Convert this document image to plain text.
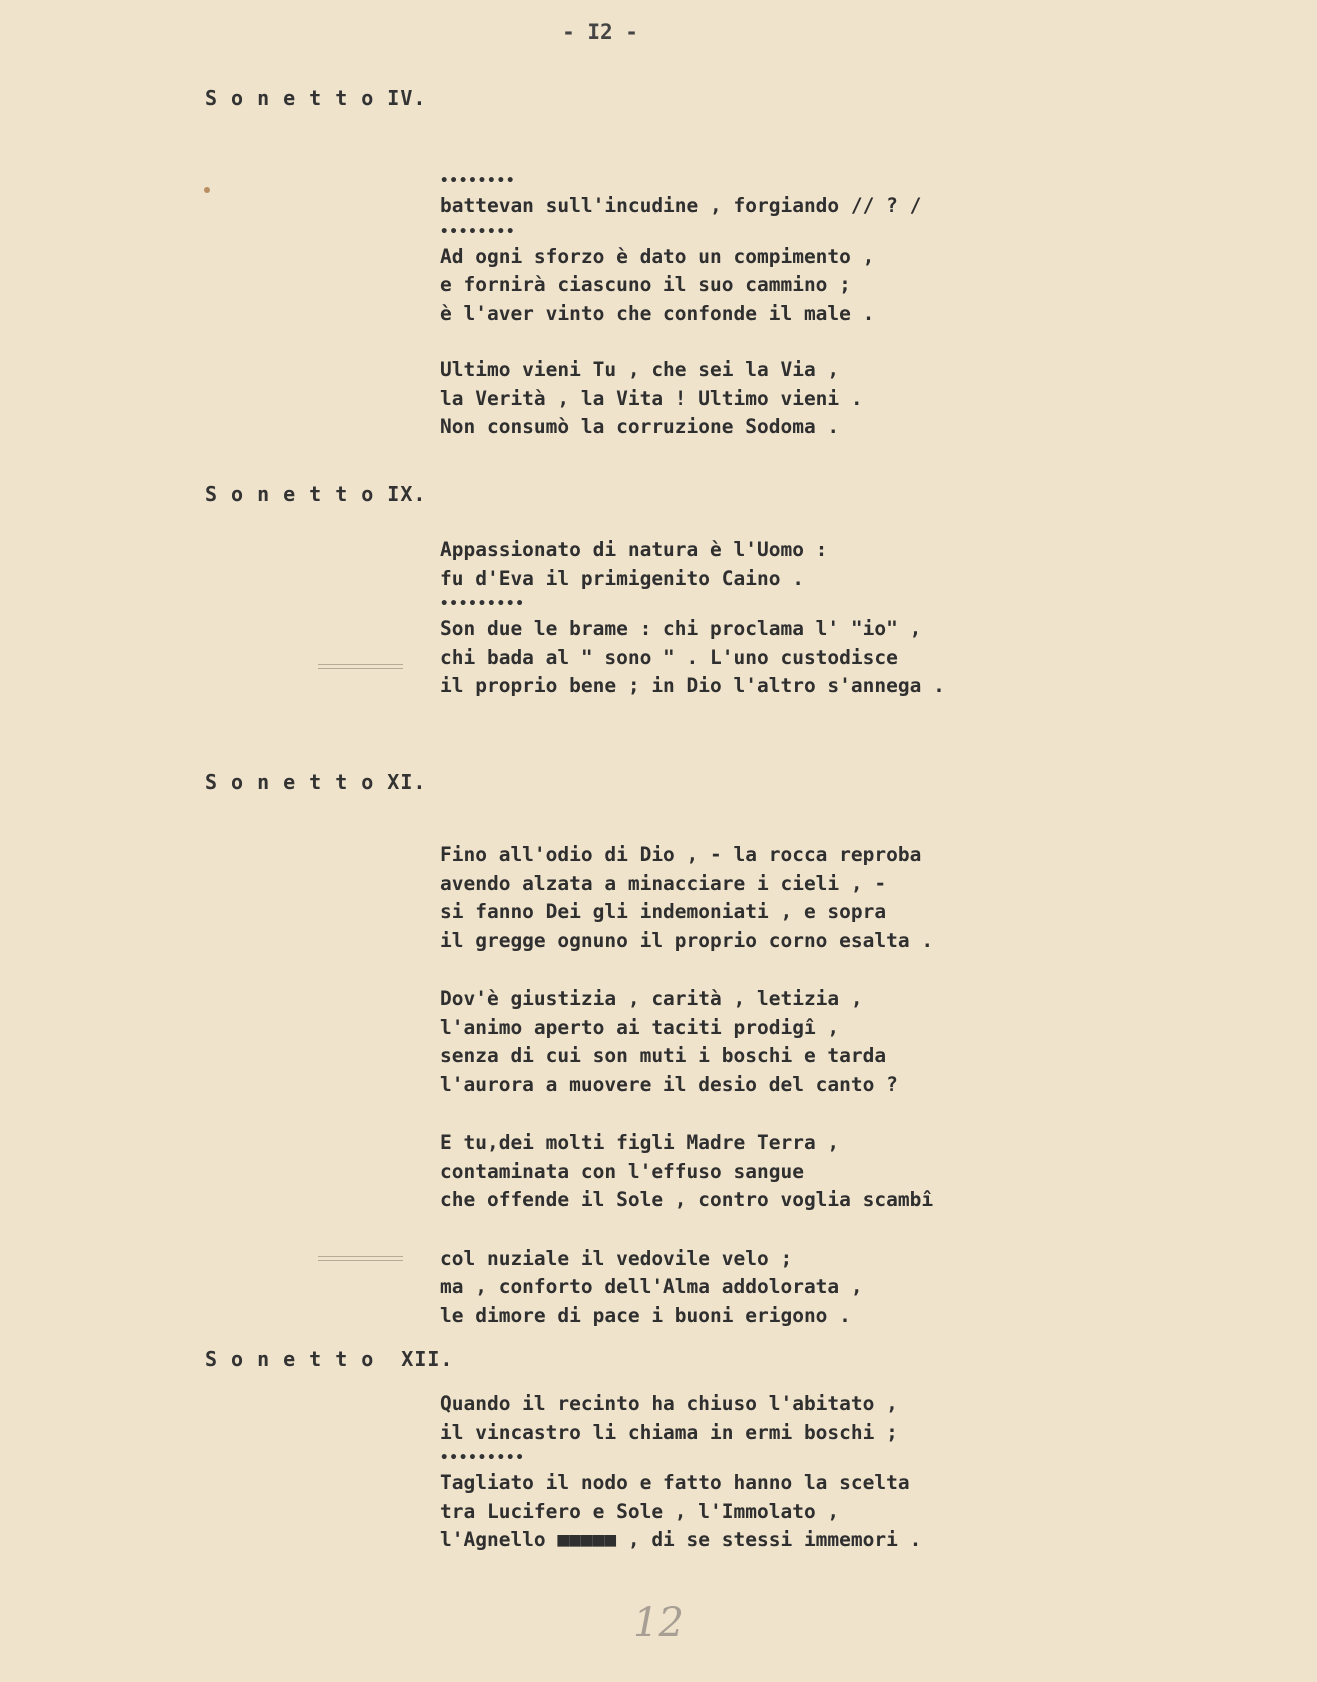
- I2 -
SonettoIV.
••••••••
battevan sull'incudine , forgiando // ? /
••••••••
Ad ogni sforzo è dato un compimento ,
e fornirà ciascuno il suo cammino ;
è l'aver vinto che confonde il male .
Ultimo vieni Tu , che sei la Via ,
la Verità , la Vita ! Ultimo vieni .
Non consumò la corruzione Sodoma .
SonettoIX.
Appassionato di natura è l'Uomo :
fu d'Eva il primigenito Caino .
•••••••••
Son due le brame : chi proclama l' "io" ,
chi bada al " sono " . L'uno custodisce
il proprio bene ; in Dio l'altro s'annega .
SonettoXI.
Fino all'odio di Dio , - la rocca reproba
avendo alzata a minacciare i cieli , -
si fanno Dei gli indemoniati , e sopra
il gregge ognuno il proprio corno esalta .
Dov'è giustizia , carità , letizia ,
l'animo aperto ai taciti prodigî ,
senza di cui son muti i boschi e tarda
l'aurora a muovere il desio del canto ?
E tu,dei molti figli Madre Terra ,
contaminata con l'effuso sangue
che offende il Sole , contro voglia scambî
col nuziale il vedovile velo ;
ma , conforto dell'Alma addolorata ,
le dimore di pace i buoni erigono .
Sonetto XII.
Quando il recinto ha chiuso l'abitato ,
il vincastro li chiama in ermi boschi ;
•••••••••
Tagliato il nodo e fatto hanno la scelta
tra Lucifero e Sole , l'Immolato ,
l'Agnello ■■■■■ , di se stessi immemori .
12
